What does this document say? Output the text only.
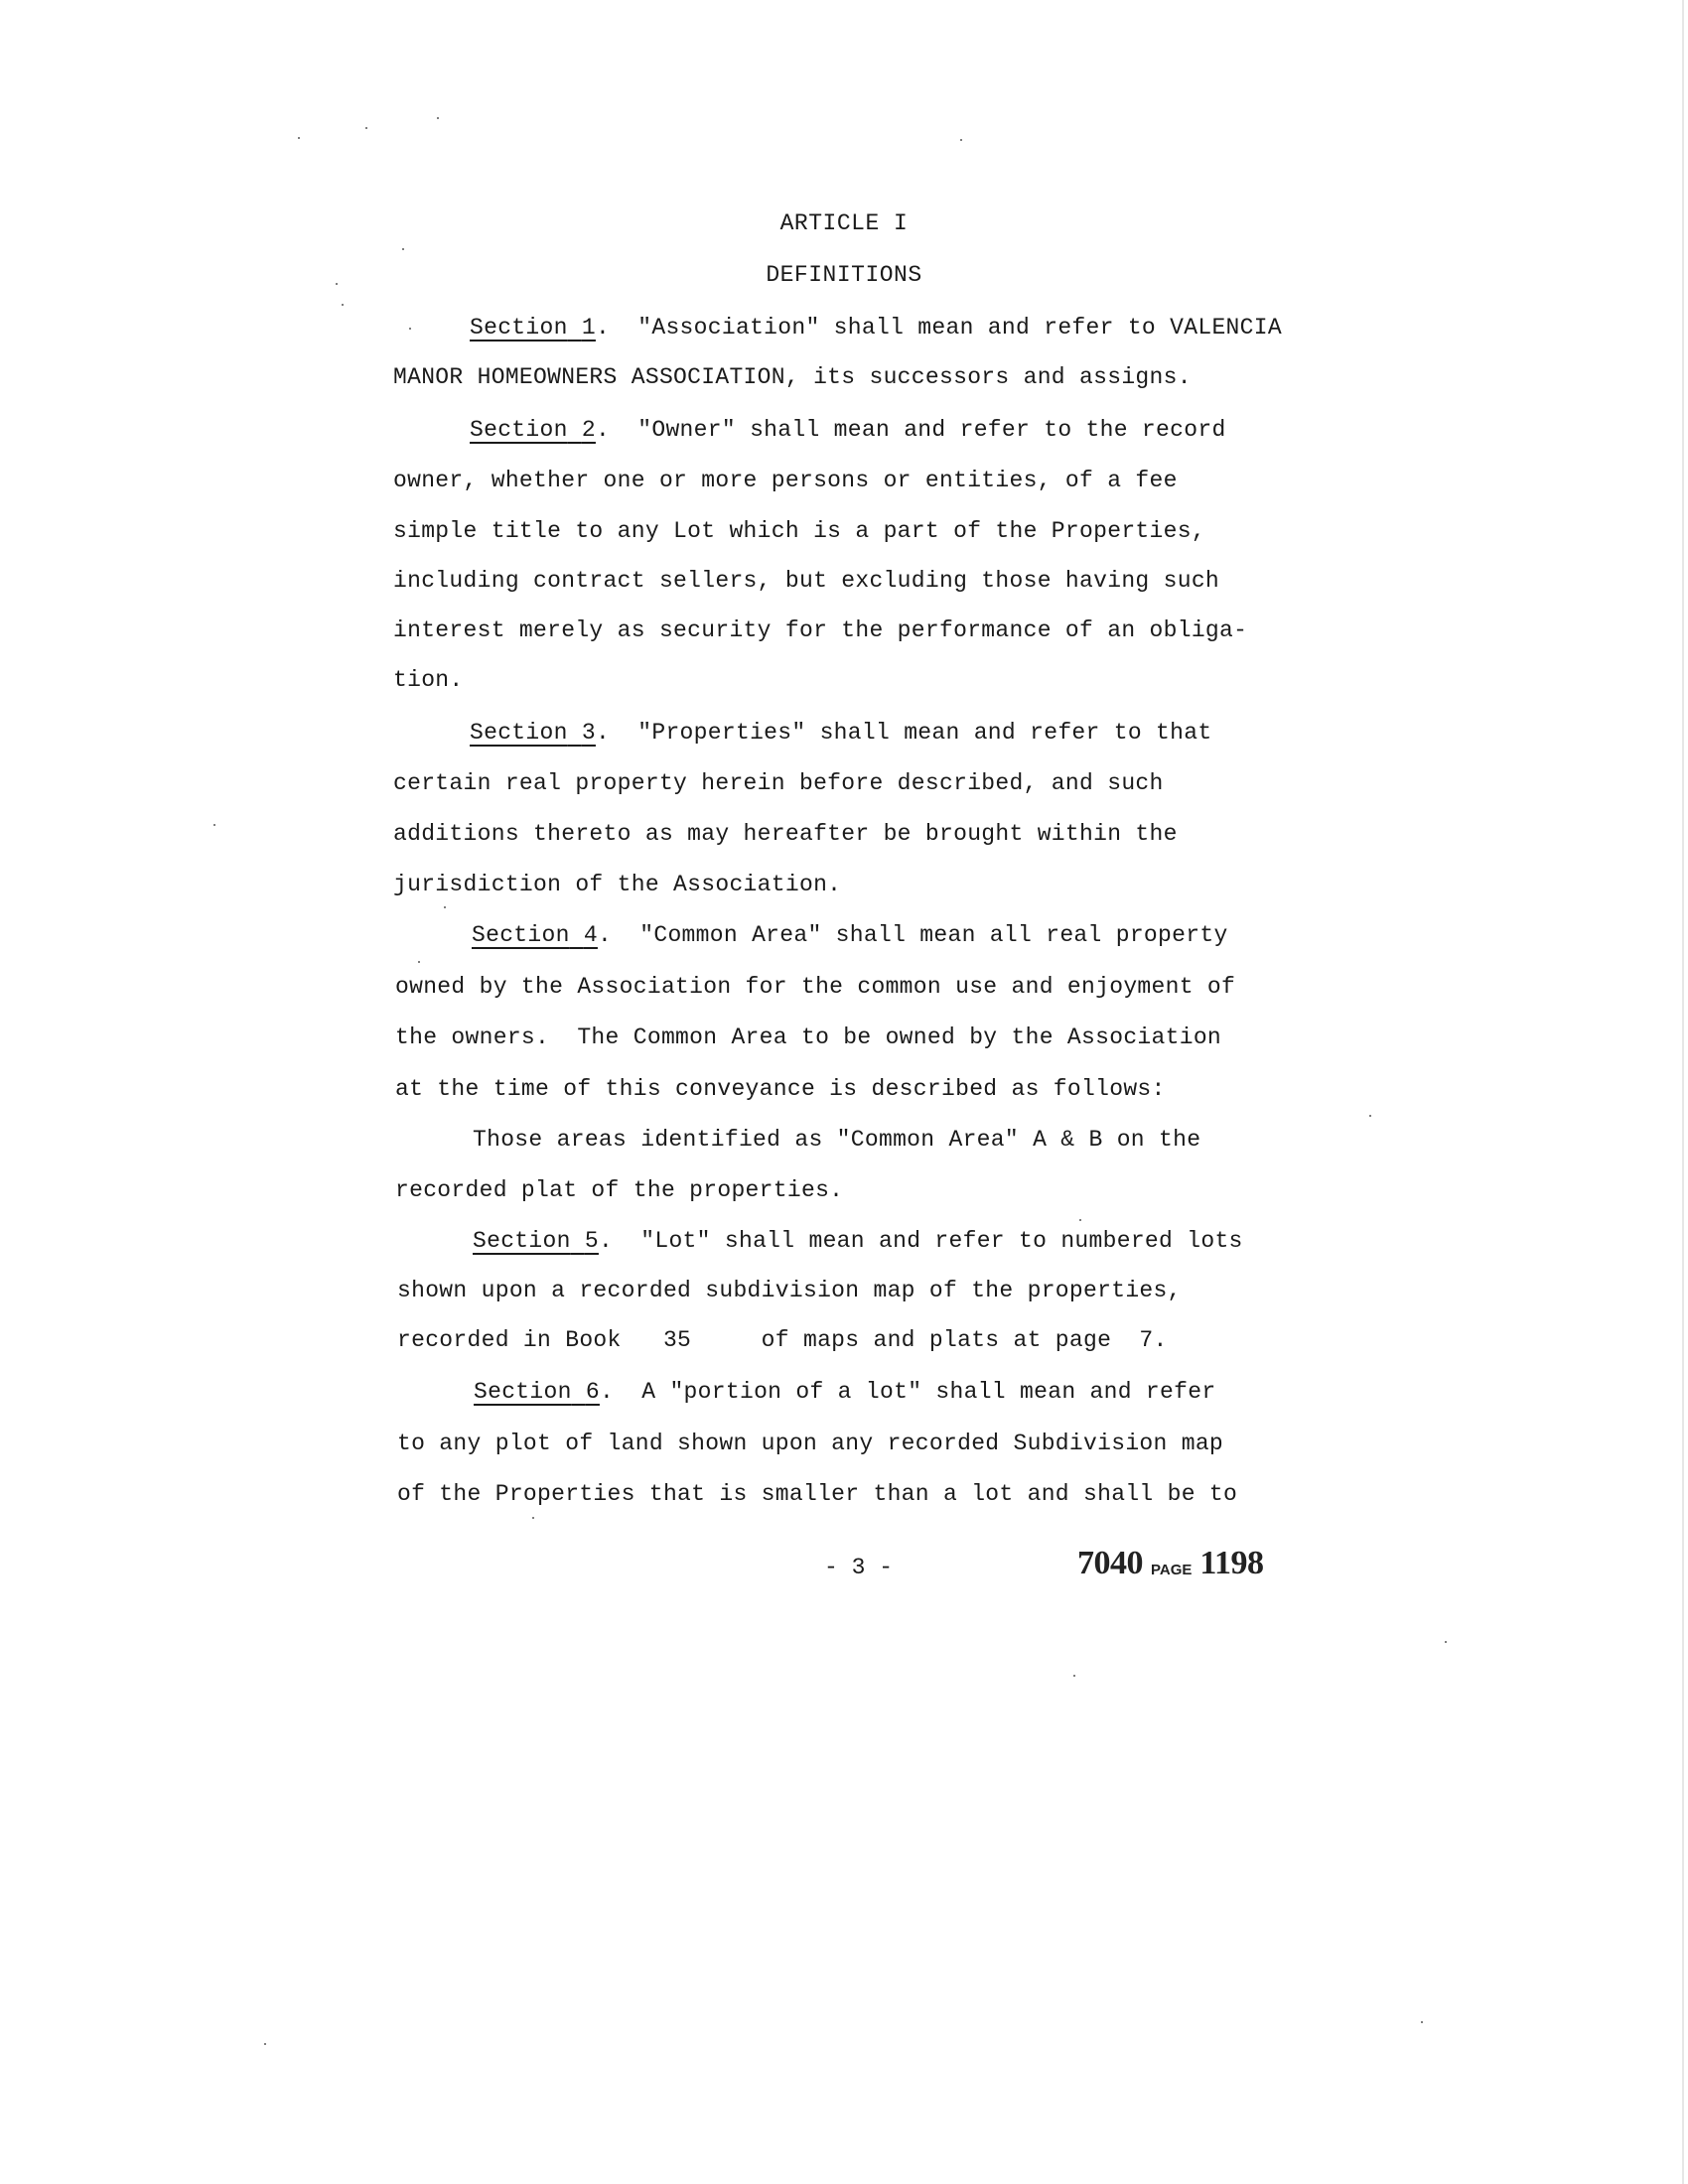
ARTICLE I
DEFINITIONS
Section 1.  "Association" shall mean and refer to VALENCIA
MANOR HOMEOWNERS ASSOCIATION, its successors and assigns.
Section 2.  "Owner" shall mean and refer to the record
owner, whether one or more persons or entities, of a fee
simple title to any Lot which is a part of the Properties,
including contract sellers, but excluding those having such
interest merely as security for the performance of an obliga-
tion.
Section 3.  "Properties" shall mean and refer to that
certain real property herein before described, and such
additions thereto as may hereafter be brought within the
jurisdiction of the Association.
Section 4.  "Common Area" shall mean all real property
owned by the Association for the common use and enjoyment of
the owners.  The Common Area to be owned by the Association
at the time of this conveyance is described as follows:
Those areas identified as "Common Area" A & B on the
recorded plat of the properties.
Section 5.  "Lot" shall mean and refer to numbered lots
shown upon a recorded subdivision map of the properties,
recorded in Book   35     of maps and plats at page  7.
Section 6.  A "portion of a lot" shall mean and refer
to any plot of land shown upon any recorded Subdivision map
of the Properties that is smaller than a lot and shall be to
- 3 -	7040 PAGE 1198
